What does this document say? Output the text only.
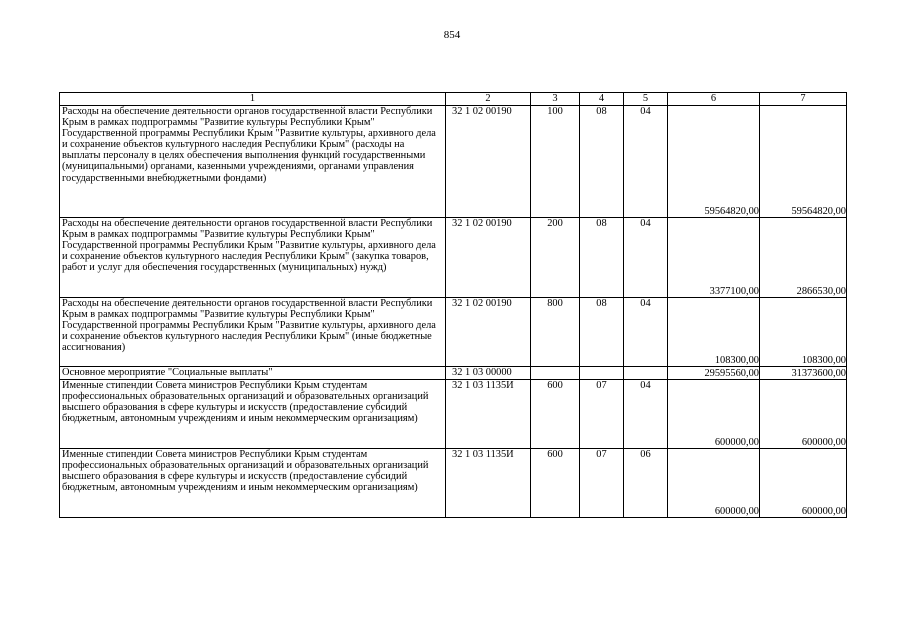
854
1	2	3	4	5	6	7
Расходы на обеспечение деятельности органов государственной власти Республики Крым в рамках подпрограммы "Развитие культуры Республики Крым" Государственной программы Республики Крым "Развитие культуры, архивного дела и сохранение объектов культурного наследия Республики Крым" (расходы на выплаты персоналу в целях обеспечения выполнения функций государственными (муниципальными) органами, казенными учреждениями, органами управления государственными внебюджетными фондами)	32 1 02 00190	100	08	04	59564820,00	59564820,00
Расходы на обеспечение деятельности органов государственной власти Республики Крым в рамках подпрограммы "Развитие культуры Республики Крым" Государственной программы Республики Крым "Развитие культуры, архивного дела и сохранение объектов культурного наследия Республики Крым" (закупка товаров, работ и услуг для обеспечения государственных (муниципальных) нужд)	32 1 02 00190	200	08	04	3377100,00	2866530,00
Расходы на обеспечение деятельности органов государственной власти Республики Крым в рамках подпрограммы "Развитие культуры Республики Крым" Государственной программы Республики Крым "Развитие культуры, архивного дела и сохранение объектов культурного наследия Республики Крым" (иные бюджетные ассигнования)	32 1 02 00190	800	08	04	108300,00	108300,00
Основное мероприятие "Социальные выплаты"	32 1 03 00000				29595560,00	31373600,00
Именные стипендии Совета министров Республики Крым студентам профессиональных образовательных организаций и образовательных организаций высшего образования в сфере культуры и искусств (предоставление субсидий бюджетным, автономным учреждениям и иным некоммерческим организациям)	32 1 03 1135И	600	07	04	600000,00	600000,00
Именные стипендии Совета министров Республики Крым студентам профессиональных образовательных организаций и образовательных организаций высшего образования в сфере культуры и искусств (предоставление субсидий бюджетным, автономным учреждениям и иным некоммерческим организациям)	32 1 03 1135И	600	07	06	600000,00	600000,00
